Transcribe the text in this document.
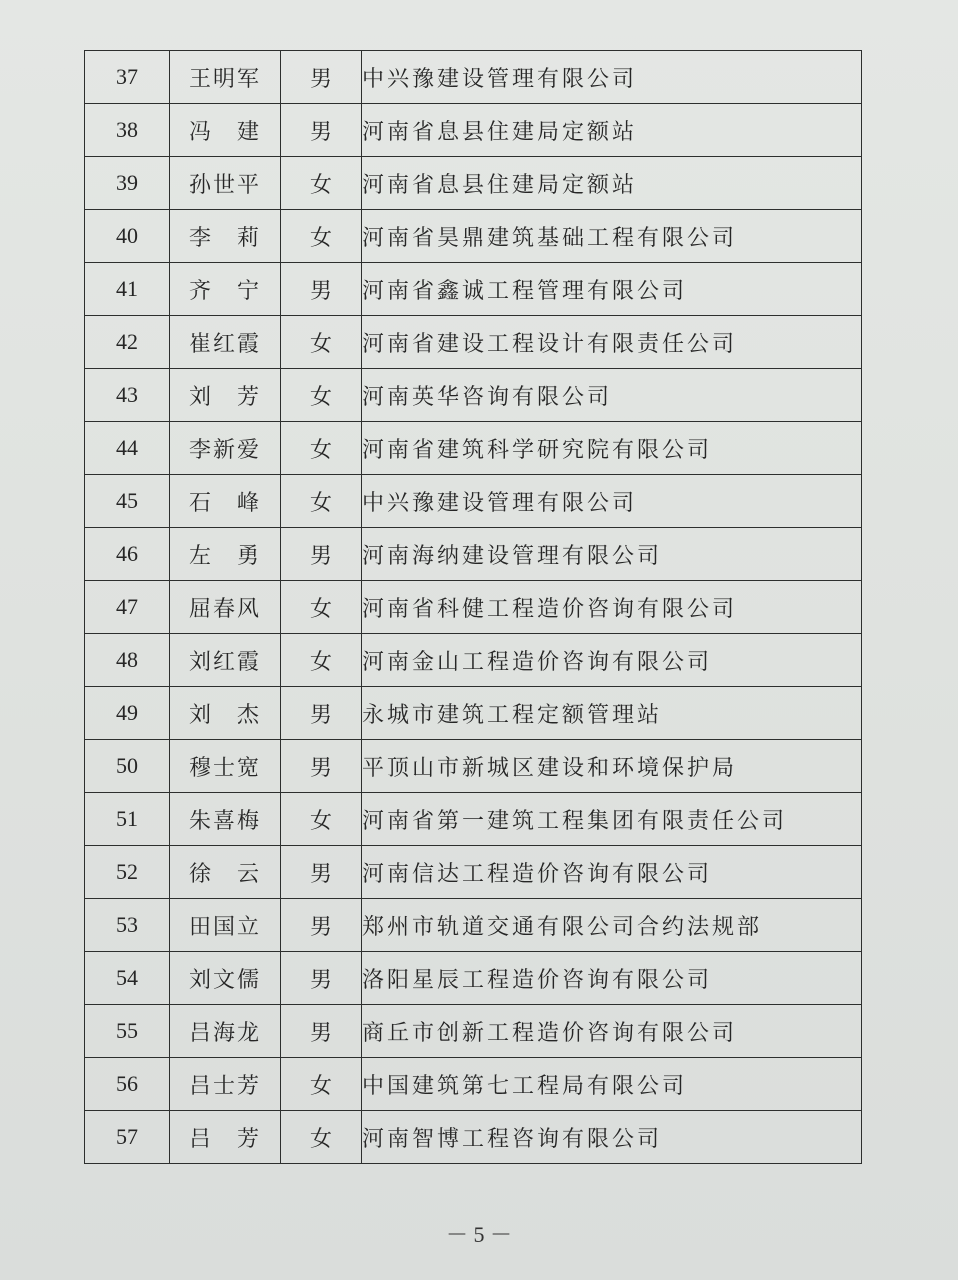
37	王明军	男	中兴豫建设管理有限公司
38	冯　建	男	河南省息县住建局定额站
39	孙世平	女	河南省息县住建局定额站
40	李　莉	女	河南省昊鼎建筑基础工程有限公司
41	齐　宁	男	河南省鑫诚工程管理有限公司
42	崔红霞	女	河南省建设工程设计有限责任公司
43	刘　芳	女	河南英华咨询有限公司
44	李新爱	女	河南省建筑科学研究院有限公司
45	石　峰	女	中兴豫建设管理有限公司
46	左　勇	男	河南海纳建设管理有限公司
47	屈春风	女	河南省科健工程造价咨询有限公司
48	刘红霞	女	河南金山工程造价咨询有限公司
49	刘　杰	男	永城市建筑工程定额管理站
50	穆士宽	男	平顶山市新城区建设和环境保护局
51	朱喜梅	女	河南省第一建筑工程集团有限责任公司
52	徐　云	男	河南信达工程造价咨询有限公司
53	田国立	男	郑州市轨道交通有限公司合约法规部
54	刘文儒	男	洛阳星辰工程造价咨询有限公司
55	吕海龙	男	商丘市创新工程造价咨询有限公司
56	吕士芳	女	中国建筑第七工程局有限公司
57	吕　芳	女	河南智博工程咨询有限公司
－ 5 －
